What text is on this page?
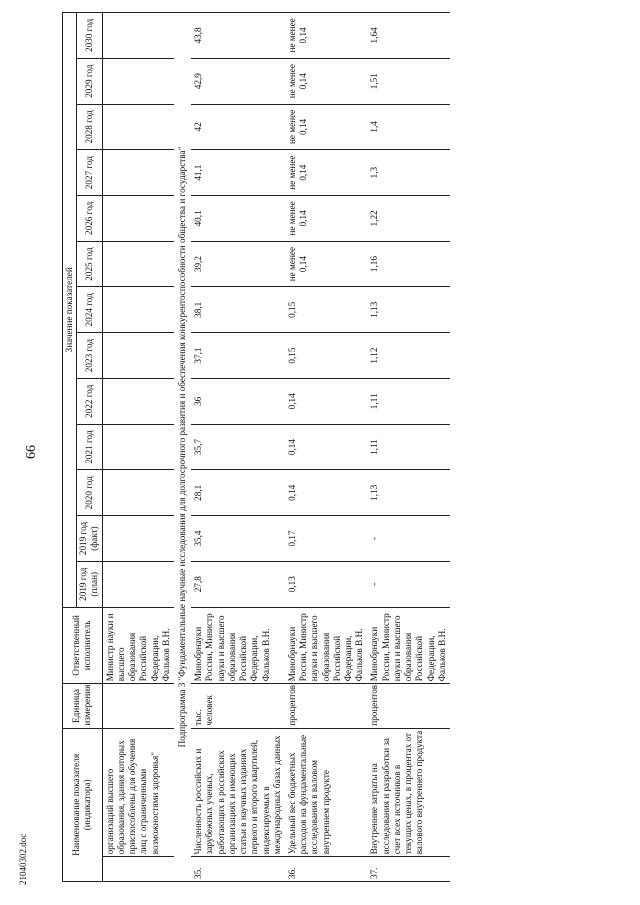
66
21040302.doc
Наименование показателя (индикатора)		Единица измерения	Ответственный исполнитель	Значение показателей												
				2019 год (план)	2019 год (факт)	2020 год	2021 год	2022 год	2023 год	2024 год	2025 год	2026 год	2027 год	2028 год	2029 год	2030 год
	организаций высшего образования, здания которых приспособлены для обучения лиц с ограниченными возможностями здоровья"		Министр науки и высшего образования Российской Федерации, Фальков В.Н.													
Подпрограмма 3 "Фундаментальные научные исследования для долгосрочного развития и обеспечения конкурентоспособности общества и государства"																
35.	Численность российских и зарубежных ученых, работающих в российских организациях и имеющих статьи в научных изданиях первого и второго квартилей, индексируемых в международных базах данных	тыс. человек	Минобрнауки России, Министр науки и высшего образования Российской Федерации, Фальков В.Н.	27,8	35,4	28,1	35,7	36	37,1	38,1	39,2	40,1	41,1	42	42,9	43,8
36.	Удельный вес бюджетных расходов на фундаментальные исследования в валовом внутреннем продукте	процентов	Минобрнауки России, Министр науки и высшего образования Российской Федерации, Фальков В.Н.	0,13	0,17	0,14	0,14	0,14	0,15	0,15	не менее 0,14	не менее 0,14	не менее 0,14	не менее 0,14	не менее 0,14	не менее 0,14
37.	Внутренние затраты на исследования и разработки за счет всех источников в текущих ценах, в процентах от валового внутреннего продукта	процентов	Минобрнауки России, Министр науки и высшего образования Российской Федерации, Фальков В.Н.	-	-	1,13	1,11	1,11	1,12	1,13	1,16	1,22	1,3	1,4	1,51	1,64
